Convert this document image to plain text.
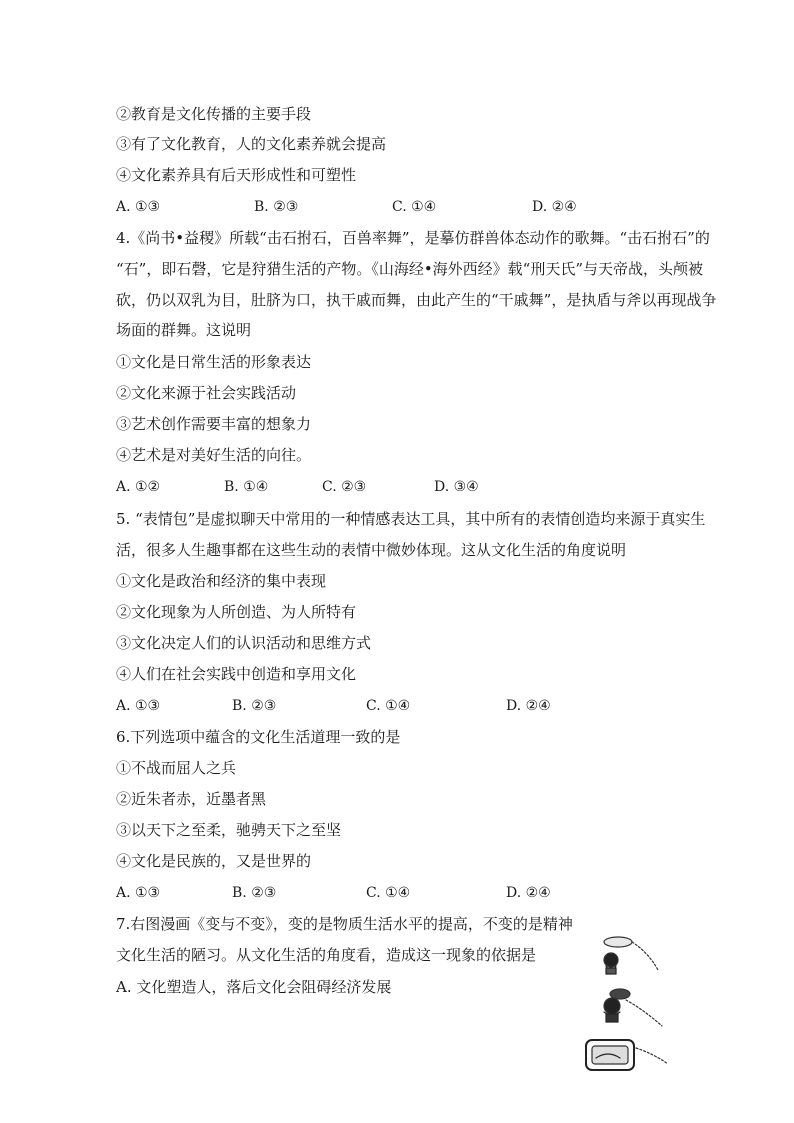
②教育是文化传播的主要手段
③有了文化教育，人的文化素养就会提高
④文化素养具有后天形成性和可塑性
A. ①③	B. ②③	C. ①④	D. ②④
4.《尚书•益稷》所载“击石拊石，百兽率舞”，是摹仿群兽体态动作的歌舞。“击石拊石”的
“石”，即石磬，它是狩猎生活的产物。《山海经•海外西经》载“刑天氏”与天帝战，头颅被
砍，仍以双乳为目，肚脐为口，执干戚而舞，由此产生的“干戚舞”，是执盾与斧以再现战争
场面的群舞。这说明
①文化是日常生活的形象表达
②文化来源于社会实践活动
③艺术创作需要丰富的想象力
④艺术是对美好生活的向往。
A. ①②	B. ①④	C. ②③	D. ③④
5. “表情包”是虚拟聊天中常用的一种情感表达工具，其中所有的表情创造均来源于真实生
活，很多人生趣事都在这些生动的表情中微妙体现。这从文化生活的角度说明
①文化是政治和经济的集中表现
②文化现象为人所创造、为人所特有
③文化决定人们的认识活动和思维方式
④人们在社会实践中创造和享用文化
A. ①③	B. ②③	C. ①④	D. ②④
6.下列选项中蕴含的文化生活道理一致的是
①不战而屈人之兵
②近朱者赤，近墨者黑
③以天下之至柔，驰骋天下之至坚
④文化是民族的，又是世界的
A. ①③	B. ②③	C. ①④	D. ②④
7.右图漫画《变与不变》，变的是物质生活水平的提高，不变的是精神
文化生活的陋习。从文化生活的角度看，造成这一现象的依据是
A. 文化塑造人，落后文化会阻碍经济发展
